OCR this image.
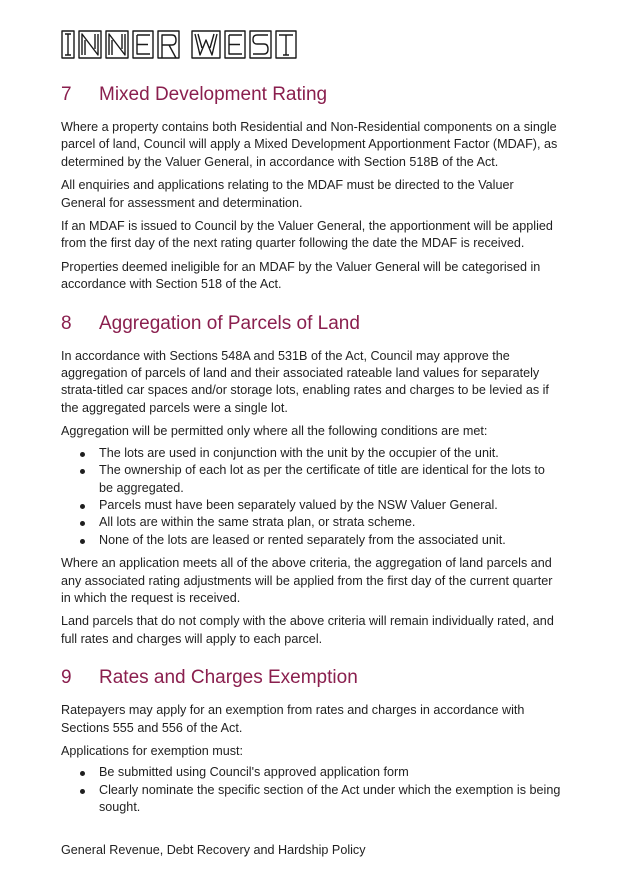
7 Mixed Development Rating

Where a property contains both Residential and Non-Residential components on a single parcel of land, Council will apply a Mixed Development Apportionment Factor (MDAF), as determined by the Valuer General, in accordance with Section 518B of the Act.

All enquiries and applications relating to the MDAF must be directed to the Valuer General for assessment and determination.

If an MDAF is issued to Council by the Valuer General, the apportionment will be applied from the first day of the next rating quarter following the date the MDAF is received.

Properties deemed ineligible for an MDAF by the Valuer General will be categorised in accordance with Section 518 of the Act.

8 Aggregation of Parcels of Land

In accordance with Sections 548A and 531B of the Act, Council may approve the aggregation of parcels of land and their associated rateable land values for separately strata-titled car spaces and/or storage lots, enabling rates and charges to be levied as if the aggregated parcels were a single lot.

Aggregation will be permitted only where all the following conditions are met:

The lots are used in conjunction with the unit by the occupier of the unit.
The ownership of each lot as per the certificate of title are identical for the lots to be aggregated.
Parcels must have been separately valued by the NSW Valuer General.
All lots are within the same strata plan, or strata scheme.
None of the lots are leased or rented separately from the associated unit.

Where an application meets all of the above criteria, the aggregation of land parcels and any associated rating adjustments will be applied from the first day of the current quarter in which the request is received.

Land parcels that do not comply with the above criteria will remain individually rated, and full rates and charges will apply to each parcel.

9 Rates and Charges Exemption

Ratepayers may apply for an exemption from rates and charges in accordance with Sections 555 and 556 of the Act.

Applications for exemption must:

Be submitted using Council's approved application form
Clearly nominate the specific section of the Act under which the exemption is being sought.
General Revenue, Debt Recovery and Hardship Policy
